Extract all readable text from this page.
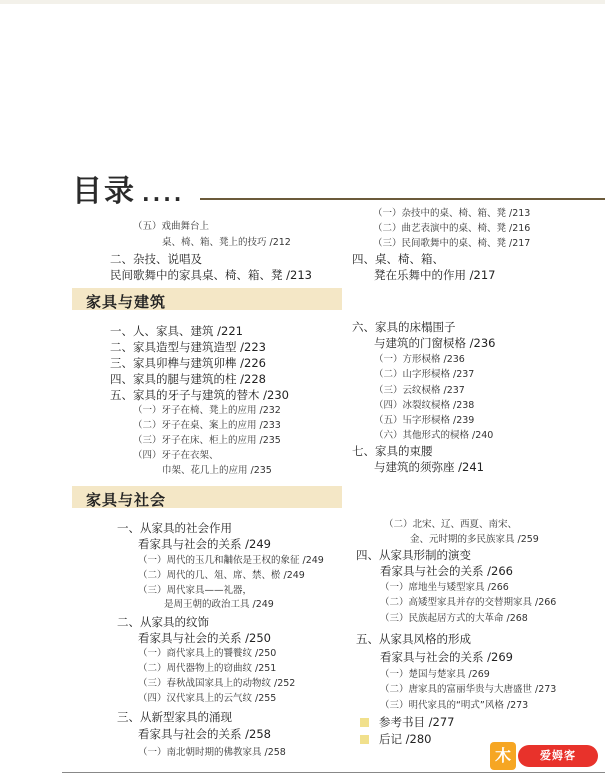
目录 ....
（五）戏曲舞台上
桌、椅、箱、凳上的技巧 /212
二、杂技、说唱及
民间歌舞中的家具桌、椅、箱、凳 /213
家具与建筑
一、人、家具、建筑 /221
二、家具造型与建筑造型 /223
三、家具卯榫与建筑卯榫 /226
四、家具的腿与建筑的柱 /228
五、家具的牙子与建筑的替木 /230
（一）牙子在椅、凳上的应用 /232
（二）牙子在桌、案上的应用 /233
（三）牙子在床、柜上的应用 /235
（四）牙子在衣架、
巾架、花几上的应用 /235
家具与社会
一、从家具的社会作用
看家具与社会的关系 /249
（一）周代的玉几和黼依是王权的象征 /249
（二）周代的几、俎、席、禁、棜 /249
（三）周代家具——礼器，
是周王朝的政治工具 /249
二、从家具的纹饰
看家具与社会的关系 /250
（一）商代家具上的饕餮纹 /250
（二）周代器物上的窃曲纹 /251
（三）春秋战国家具上的动物纹 /252
（四）汉代家具上的云气纹 /255
三、从新型家具的涌现
看家具与社会的关系 /258
（一）南北朝时期的佛教家具 /258
（一）杂技中的桌、椅、箱、凳 /213
（二）曲艺表演中的桌、椅、凳 /216
（三）民间歌舞中的桌、椅、凳 /217
四、桌、椅、箱、
凳在乐舞中的作用 /217
六、家具的床榻围子
与建筑的门窗棂格 /236
（一）方形棂格 /236
（二）山字形棂格 /237
（三）云纹棂格 /237
（四）冰裂纹棂格 /238
（五）卐字形棂格 /239
（六）其他形式的棂格 /240
七、家具的束腰
与建筑的须弥座 /241
（二）北宋、辽、西夏、南宋、
金、元时期的多民族家具 /259
四、从家具形制的演变
看家具与社会的关系 /266
（一）席地坐与矮型家具 /266
（二）高矮型家具并存的交替期家具 /266
（三）民族起居方式的大革命 /268
五、从家具风格的形成
看家具与社会的关系 /269
（一）楚国与楚家具 /269
（二）唐家具的富丽华贵与大唐盛世 /273
（三）明代家具的“明式”风格 /273
参考书目 /277
后记 /280
木	爱姆客
